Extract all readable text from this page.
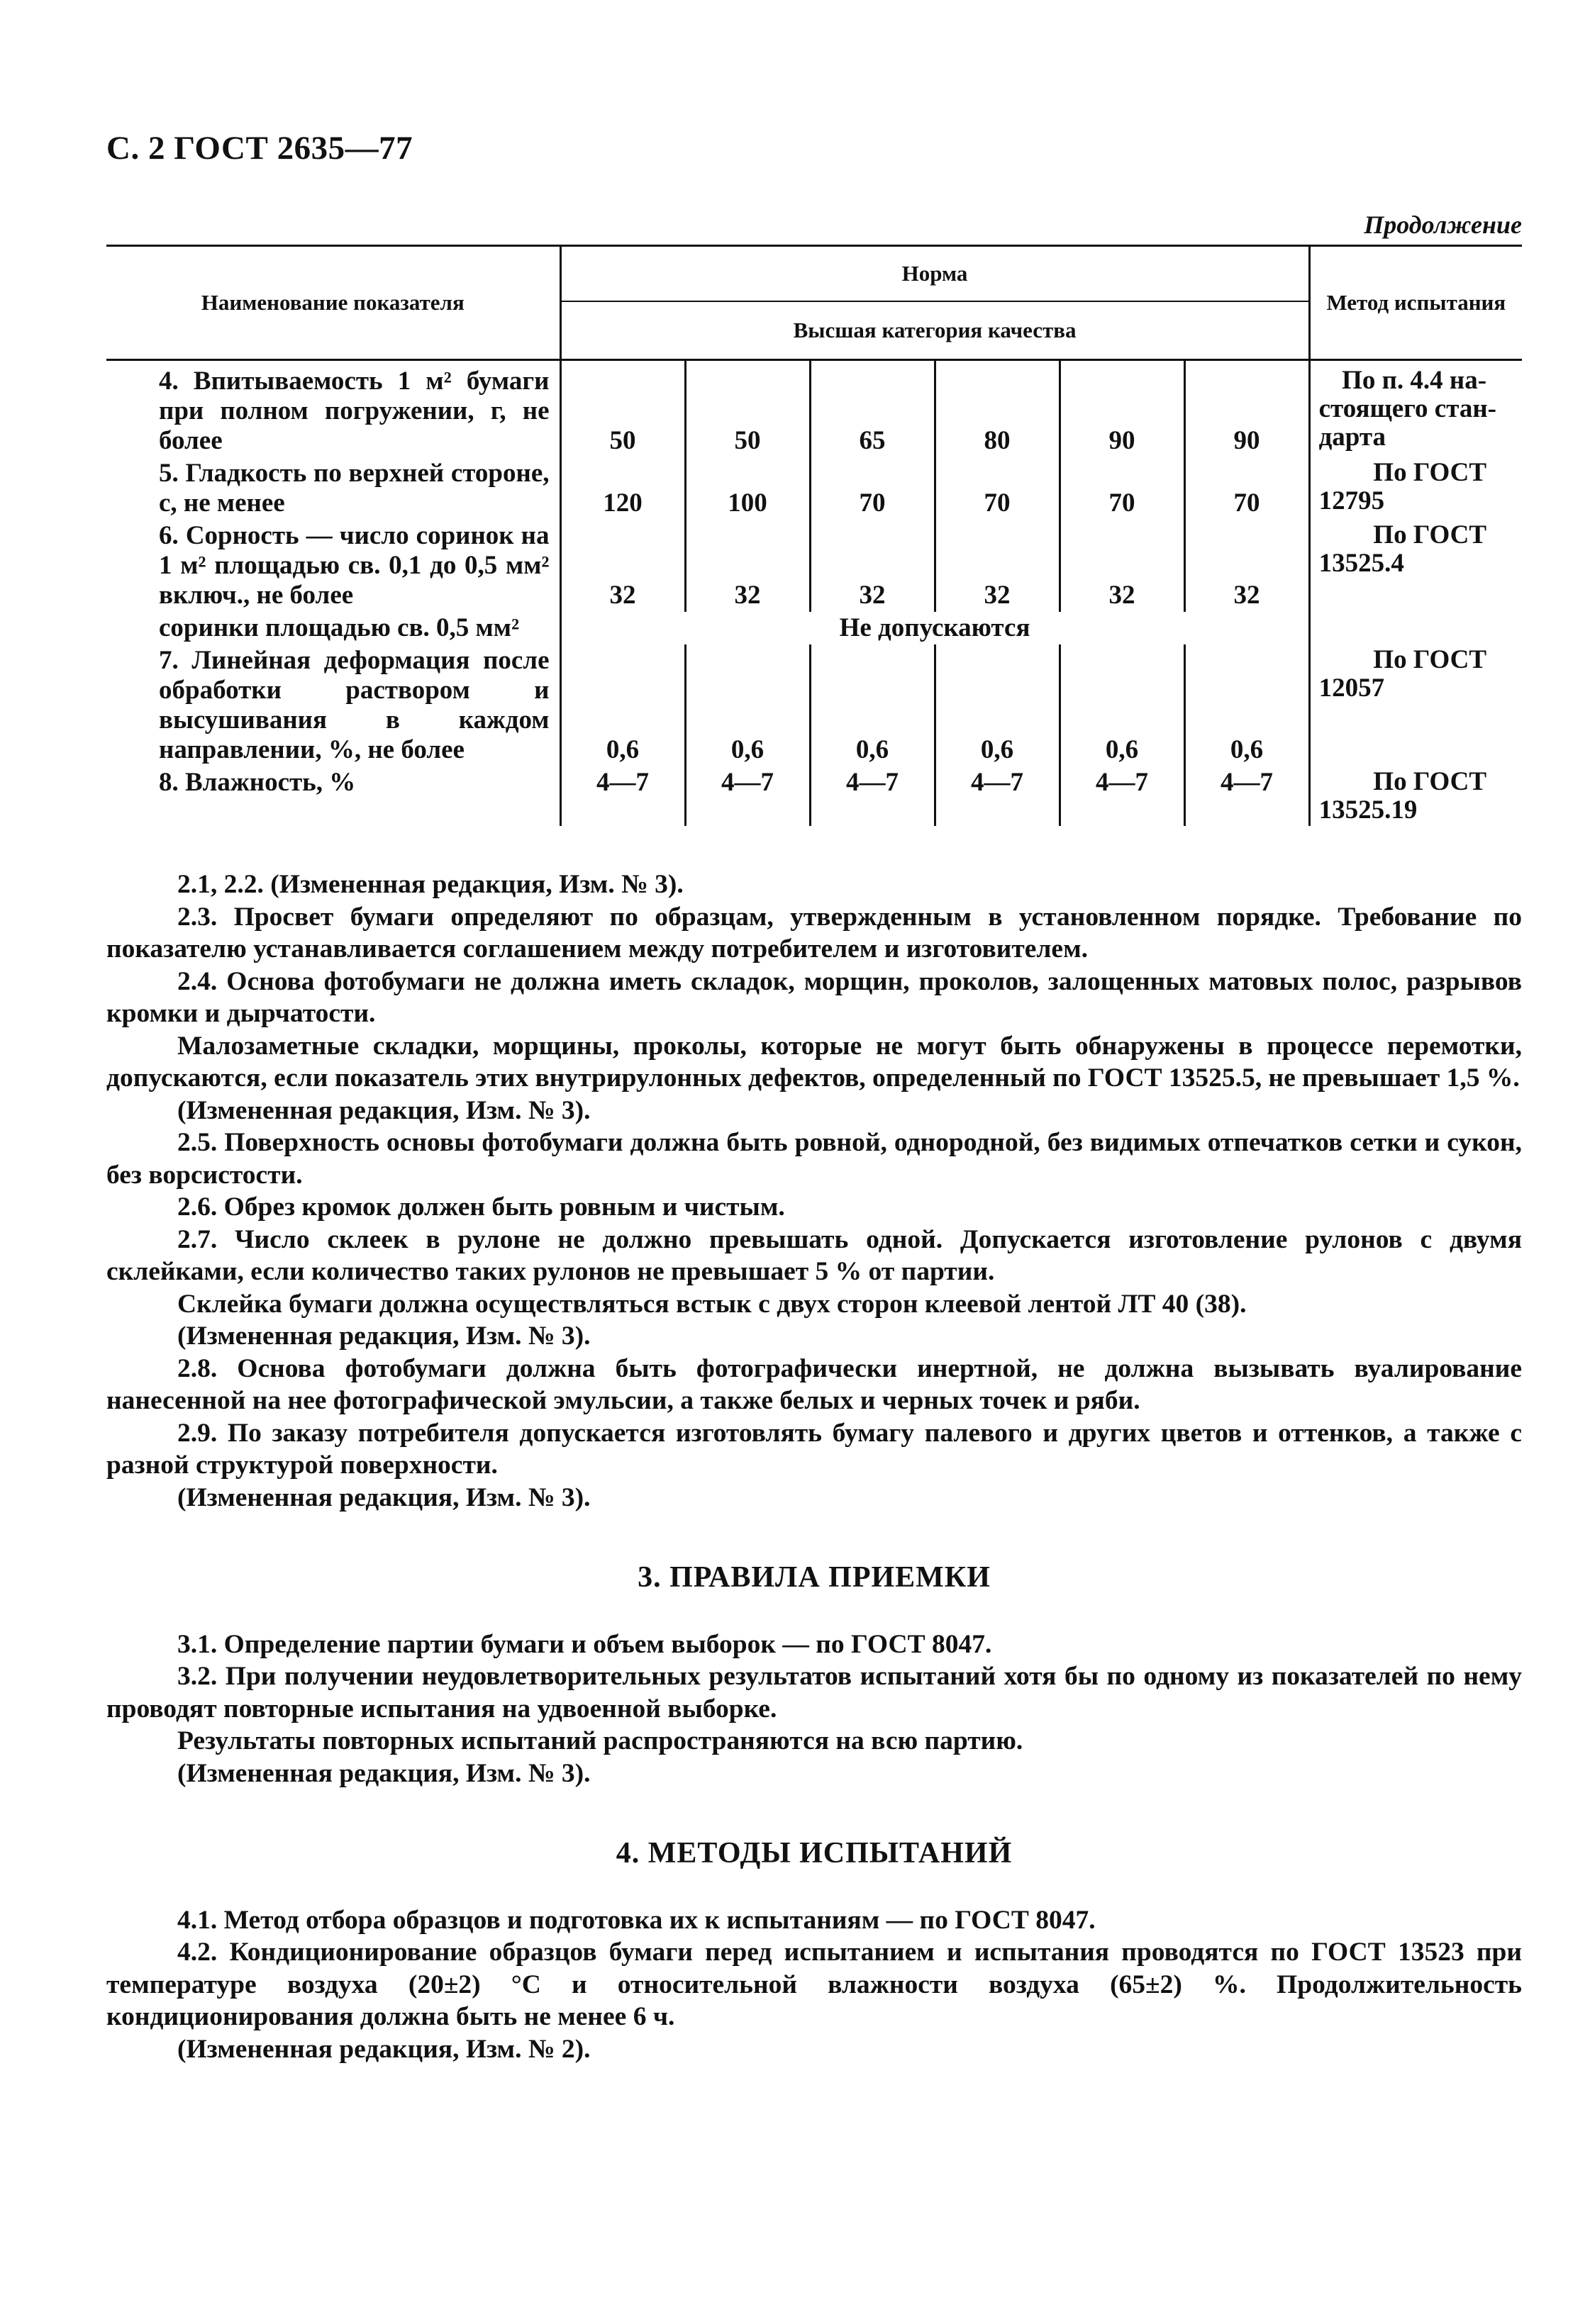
С. 2 ГОСТ 2635—77
Продолжение
Наименование показателя	Норма						Метод испытания
	Высшая категория качества						

4. Впитываемость 1 м² бумаги при полном погружении, г, не более	50	50	65	80	90	90	По п. 4.4 на-
стоящего стан-
дарта

5. Гладкость по верхней стороне, с, не менее	120	100	70	70	70	70	По ГОСТ
12795

6. Сорность — число соринок на 1 м² площадью св. 0,1 до 0,5 мм² включ., не более	32	32	32	32	32	32	По ГОСТ
13525.4

соринки площадью св. 0,5 мм²	Не допускаются						

7. Линейная деформация после обработки раствором и высушивания в каждом направлении, %, не более	0,6	0,6	0,6	0,6	0,6	0,6	По ГОСТ
12057

8. Влажность, %	4—7	4—7	4—7	4—7	4—7	4—7	По ГОСТ
13525.19

2.1, 2.2. (Измененная редакция, Изм. № 3).

2.3. Просвет бумаги определяют по образцам, утвержденным в установленном порядке. Требование по показателю устанавливается соглашением между потребителем и изготовителем.

2.4. Основа фотобумаги не должна иметь складок, морщин, проколов, залощенных матовых полос, разрывов кромки и дырчатости.

Малозаметные складки, морщины, проколы, которые не могут быть обнаружены в процессе перемотки, допускаются, если показатель этих внутрирулонных дефектов, определенный по ГОСТ 13525.5, не превышает 1,5 %.

(Измененная редакция, Изм. № 3).

2.5. Поверхность основы фотобумаги должна быть ровной, однородной, без видимых отпечатков сетки и сукон, без ворсистости.

2.6. Обрез кромок должен быть ровным и чистым.

2.7. Число склеек в рулоне не должно превышать одной. Допускается изготовление рулонов с двумя склейками, если количество таких рулонов не превышает 5 % от партии.

Склейка бумаги должна осуществляться встык с двух сторон клеевой лентой ЛТ 40 (38).

(Измененная редакция, Изм. № 3).

2.8. Основа фотобумаги должна быть фотографически инертной, не должна вызывать вуалирование нанесенной на нее фотографической эмульсии, а также белых и черных точек и ряби.

2.9. По заказу потребителя допускается изготовлять бумагу палевого и других цветов и оттенков, а также с разной структурой поверхности.

(Измененная редакция, Изм. № 3).

3. ПРАВИЛА ПРИЕМКИ

3.1. Определение партии бумаги и объем выборок — по ГОСТ 8047.

3.2. При получении неудовлетворительных результатов испытаний хотя бы по одному из показателей по нему проводят повторные испытания на удвоенной выборке.

Результаты повторных испытаний распространяются на всю партию.

(Измененная редакция, Изм. № 3).

4. МЕТОДЫ ИСПЫТАНИЙ

4.1. Метод отбора образцов и подготовка их к испытаниям — по ГОСТ 8047.

4.2. Кондиционирование образцов бумаги перед испытанием и испытания проводятся по ГОСТ 13523 при температуре воздуха (20±2) °С и относительной влажности воздуха (65±2) %. Продолжительность кондиционирования должна быть не менее 6 ч.

(Измененная редакция, Изм. № 2).
